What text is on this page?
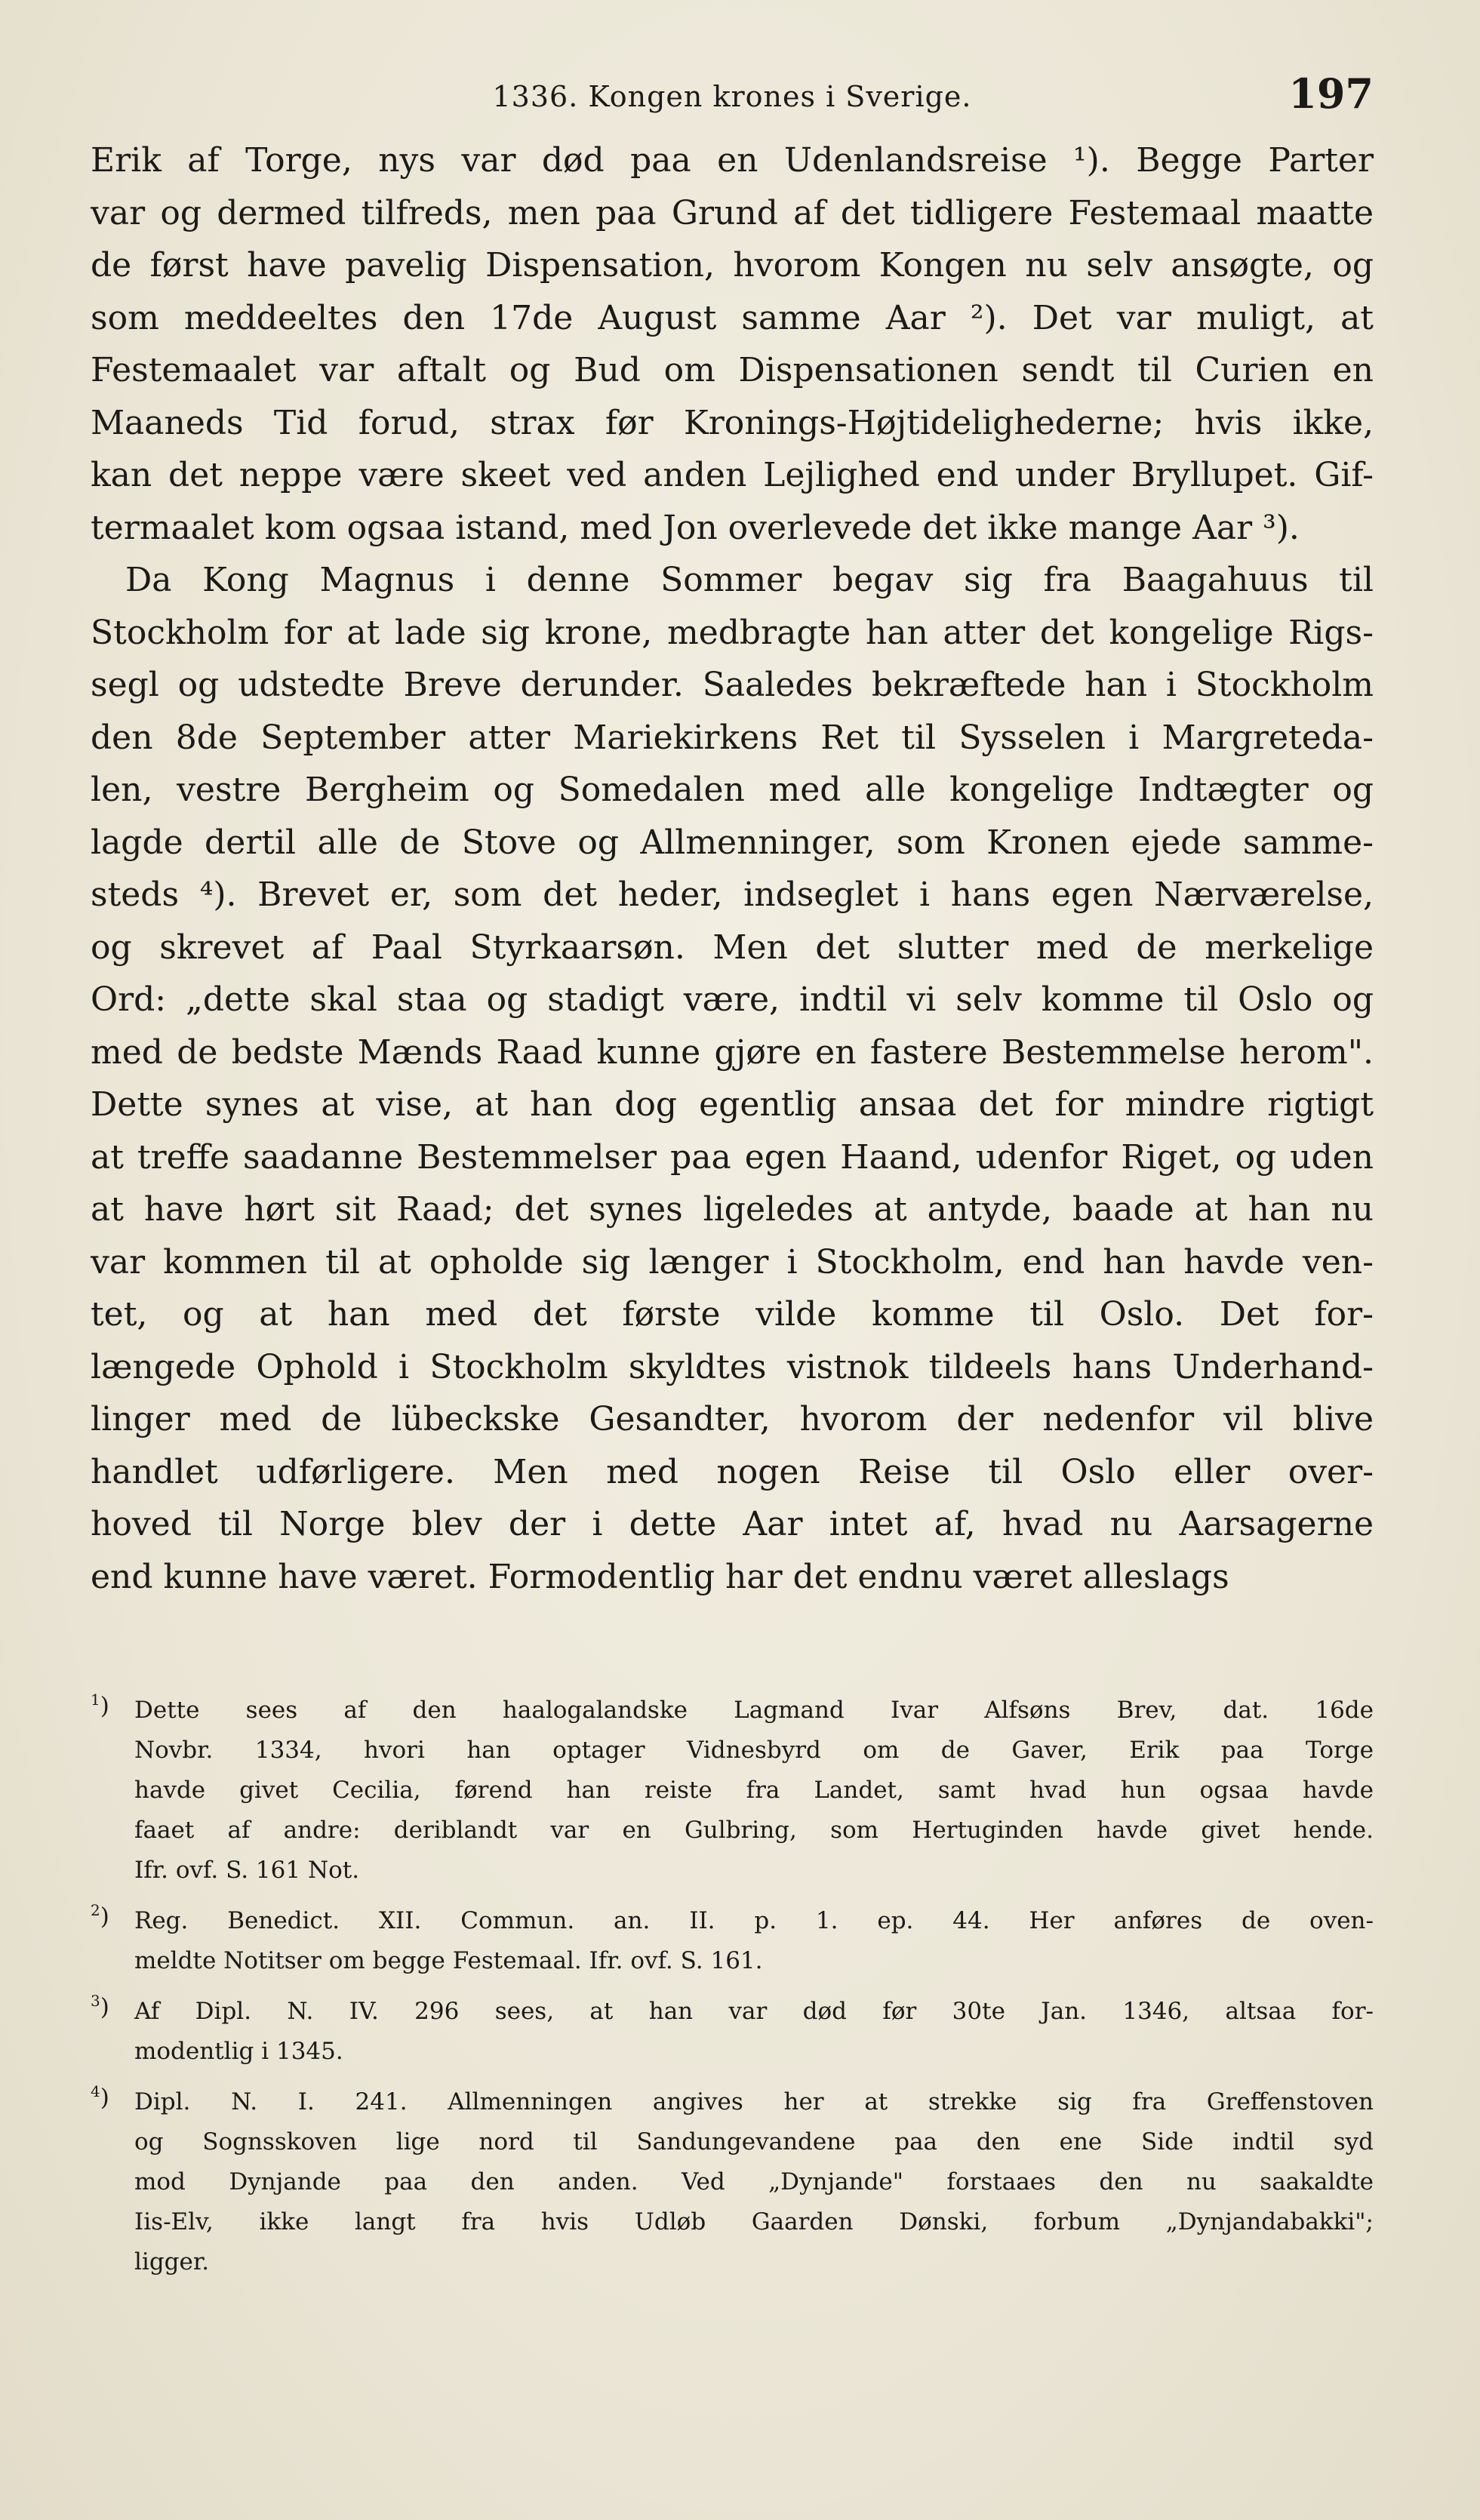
1336. Kongen krones i Sverige.	197
Erik af Torge, nys var død paa en Udenlandsreise ¹). Begge Parter
var og dermed tilfreds, men paa Grund af det tidligere Festemaal maatte
de først have pavelig Dispensation, hvorom Kongen nu selv ansøgte, og
som meddeeltes den 17de August samme Aar ²). Det var muligt, at
Festemaalet var aftalt og Bud om Dispensationen sendt til Curien en
Maaneds Tid forud, strax før Kronings-Højtidelighederne; hvis ikke,
kan det neppe være skeet ved anden Lejlighed end under Bryllupet. Gif-
termaalet kom ogsaa istand, med Jon overlevede det ikke mange Aar ³).
Da Kong Magnus i denne Sommer begav sig fra Baagahuus til
Stockholm for at lade sig krone, medbragte han atter det kongelige Rigs-
segl og udstedte Breve derunder. Saaledes bekræftede han i Stockholm
den 8de September atter Mariekirkens Ret til Sysselen i Margreteda-
len, vestre Bergheim og Somedalen med alle kongelige Indtægter og
lagde dertil alle de Stove og Allmenninger, som Kronen ejede samme-
steds ⁴). Brevet er, som det heder, indseglet i hans egen Nærværelse,
og skrevet af Paal Styrkaarsøn. Men det slutter med de merkelige
Ord: „dette skal staa og stadigt være, indtil vi selv komme til Oslo og
med de bedste Mænds Raad kunne gjøre en fastere Bestemmelse herom".
Dette synes at vise, at han dog egentlig ansaa det for mindre rigtigt
at treffe saadanne Bestemmelser paa egen Haand, udenfor Riget, og uden
at have hørt sit Raad; det synes ligeledes at antyde, baade at han nu
var kommen til at opholde sig længer i Stockholm, end han havde ven-
tet, og at han med det første vilde komme til Oslo. Det for-
længede Ophold i Stockholm skyldtes vistnok tildeels hans Underhand-
linger med de lübeckske Gesandter, hvorom der nedenfor vil blive
handlet udførligere. Men med nogen Reise til Oslo eller over-
hoved til Norge blev der i dette Aar intet af, hvad nu Aarsagerne
end kunne have været. Formodentlig har det endnu været alleslags
$^1$)	Dette sees af den haalogalandske Lagmand Ivar Alfsøns Brev, dat. 16de
Novbr. 1334, hvori han optager Vidnesbyrd om de Gaver, Erik paa Torge
havde givet Cecilia, førend han reiste fra Landet, samt hvad hun ogsaa havde
faaet af andre: deriblandt var en Gulbring, som Hertuginden havde givet hende.
Ifr. ovf. S. 161 Not.
$^2$)	Reg. Benedict. XII. Commun. an. II. p. 1. ep. 44. Her anføres de oven-
meldte Notitser om begge Festemaal. Ifr. ovf. S. 161.
$^3$)	Af Dipl. N. IV. 296 sees, at han var død før 30te Jan. 1346, altsaa for-
modentlig i 1345.
$^4$)	Dipl. N. I. 241. Allmenningen angives her at strekke sig fra Greffenstoven
og Sognsskoven lige nord til Sandungevandene paa den ene Side indtil syd
mod Dynjande paa den anden. Ved „Dynjande" forstaaes den nu saakaldte
Iis-Elv, ikke langt fra hvis Udløb Gaarden Dønski, forbum „Dynjandabakki";
ligger.
